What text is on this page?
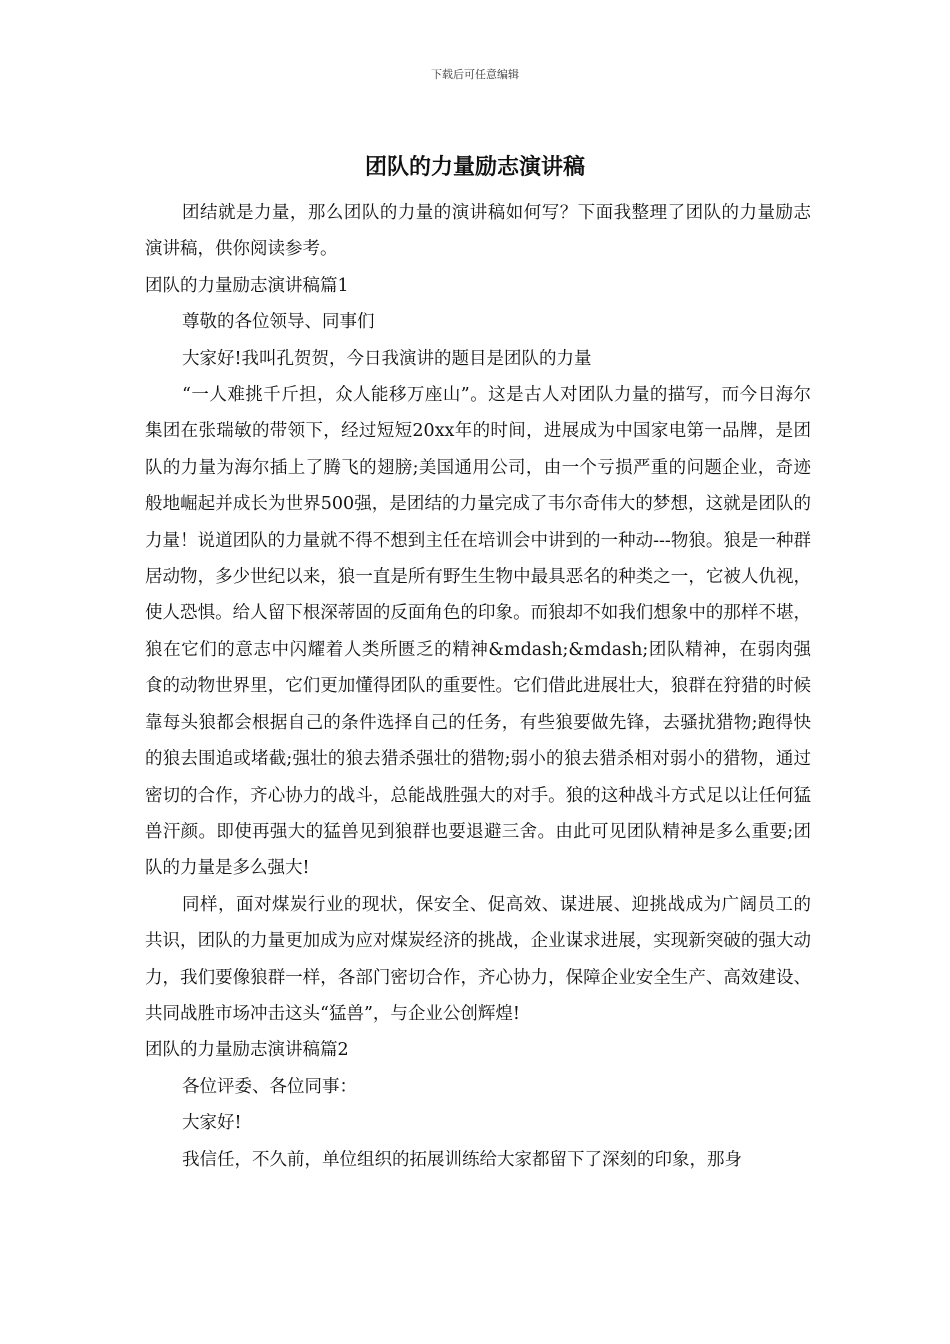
下载后可任意编辑
团队的力量励志演讲稿

团结就是力量，那么团队的力量的演讲稿如何写？下面我整理了团队的力量励志演讲稿，供你阅读参考。

团队的力量励志演讲稿篇1

尊敬的各位领导、同事们

大家好!我叫孔贺贺，今日我演讲的题目是团队的力量

“一人难挑千斤担，众人能移万座山”。这是古人对团队力量的描写，而今日海尔集团在张瑞敏的带领下，经过短短20xx年的时间，进展成为中国家电第一品牌，是团队的力量为海尔插上了腾飞的翅膀;美国通用公司，由一个亏损严重的问题企业，奇迹般地崛起并成长为世界500强，是团结的力量完成了韦尔奇伟大的梦想，这就是团队的力量！说道团队的力量就不得不想到主任在培训会中讲到的一种动---物狼。狼是一种群居动物，多少世纪以来，狼一直是所有野生生物中最具恶名的种类之一，它被人仇视，使人恐惧。给人留下根深蒂固的反面角色的印象。而狼却不如我们想象中的那样不堪，狼在它们的意志中闪耀着人类所匮乏的精神&mdash;&mdash;团队精神，在弱肉强食的动物世界里，它们更加懂得团队的重要性。它们借此进展壮大，狼群在狩猎的时候靠每头狼都会根据自己的条件选择自己的任务，有些狼要做先锋，去骚扰猎物;跑得快的狼去围追或堵截;强壮的狼去猎杀强壮的猎物;弱小的狼去猎杀相对弱小的猎物，通过密切的合作，齐心协力的战斗，总能战胜强大的对手。狼的这种战斗方式足以让任何猛兽汗颜。即使再强大的猛兽见到狼群也要退避三舍。由此可见团队精神是多么重要;团队的力量是多么强大!

同样，面对煤炭行业的现状，保安全、促高效、谋进展、迎挑战成为广阔员工的共识，团队的力量更加成为应对煤炭经济的挑战，企业谋求进展，实现新突破的强大动力，我们要像狼群一样，各部门密切合作，齐心协力，保障企业安全生产、高效建设、共同战胜市场冲击这头“猛兽”，与企业公创辉煌!

团队的力量励志演讲稿篇2

各位评委、各位同事：

大家好!

我信任，不久前，单位组织的拓展训练给大家都留下了深刻的印象，那身
